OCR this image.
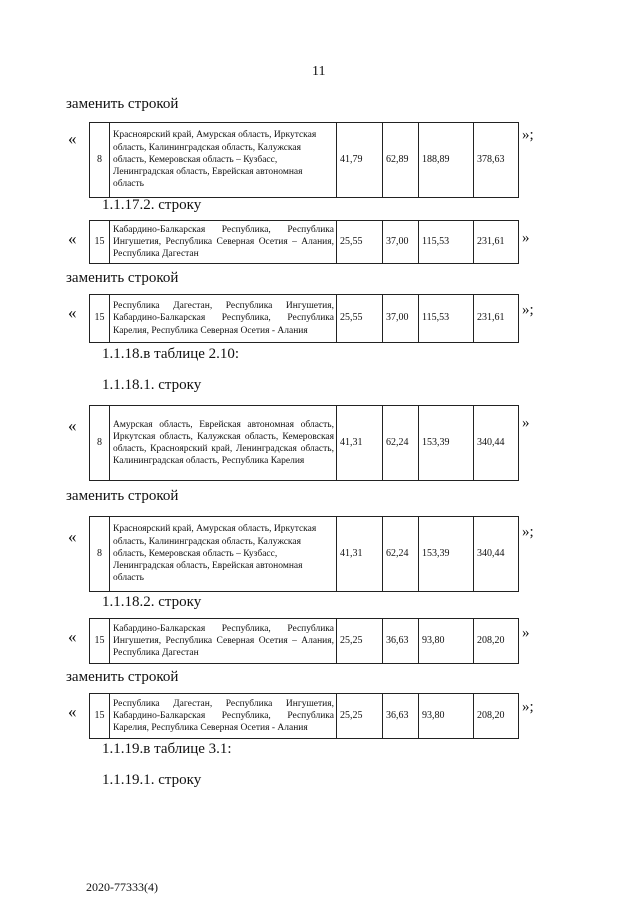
11
заменить строкой
«
8	Красноярский край, Амурская область, Иркутская область, Калининградская область, Калужская область, Кемеровская область – Кузбасс, Ленинградская область, Еврейская автономная область	41,79	62,89	188,89	378,63
»;
1.1.17.2. строку
« 15	Кабардино-Балкарская Республика, Республика Ингушетия, Республика Северная Осетия – Алания, Республика Дагестан	25,55	37,00	115,53	231,61 »
заменить строкой
« 15	Республика Дагестан, Республика Ингушетия, Кабардино-Балкарская Республика, Республика Карелия, Республика Северная Осетия - Алания	25,55	37,00	115,53	231,61 »;
1.1.18.в таблице 2.10:
1.1.18.1. строку
«
8	Амурская область, Еврейская автономная область, Иркутская область, Калужская область, Кемеровская область, Красноярский край, Ленинградская область, Калининградская область, Республика Карелия	41,31	62,24	153,39	340,44
»
заменить строкой
«
8	Красноярский край, Амурская область, Иркутская область, Калининградская область, Калужская область, Кемеровская область – Кузбасс, Ленинградская область, Еврейская автономная область	41,31	62,24	153,39	340,44
»;
1.1.18.2. строку
« 15	Кабардино-Балкарская Республика, Республика Ингушетия, Республика Северная Осетия – Алания, Республика Дагестан	25,25	36,63	93,80	208,20 »
заменить строкой
« 15	Республика Дагестан, Республика Ингушетия, Кабардино-Балкарская Республика, Республика Карелия, Республика Северная Осетия - Алания	25,25	36,63	93,80	208,20
»;
1.1.19.в таблице 3.1:
1.1.19.1. строку
2020-77333(4)
